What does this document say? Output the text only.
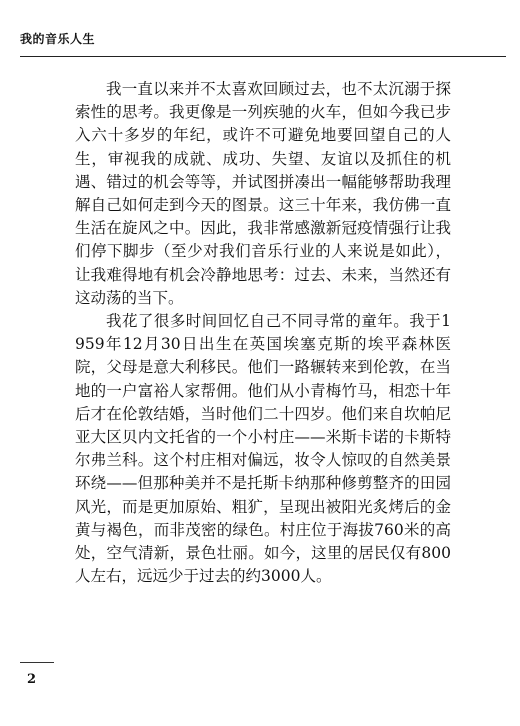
我的音乐人生

我一直以来并不太喜欢回顾过去，也不太沉溺于探索性的思考。我更像是一列疾驰的火车，但如今我已步入六十多岁的年纪，或许不可避免地要回望自己的人生，审视我的成就、成功、失望、友谊以及抓住的机遇、错过的机会等等，并试图拼凑出一幅能够帮助我理解自己如何走到今天的图景。这三十年来，我仿佛一直生活在旋风之中。因此，我非常感激新冠疫情强行让我们停下脚步（至少对我们音乐行业的人来说是如此），让我难得地有机会冷静地思考：过去、未来，当然还有这动荡的当下。

我花了很多时间回忆自己不同寻常的童年。我于1959年12月30日出生在英国埃塞克斯的埃平森林医院，父母是意大利移民。他们一路辗转来到伦敦，在当地的一户富裕人家帮佣。他们从小青梅竹马，相恋十年后才在伦敦结婚，当时他们二十四岁。他们来自坎帕尼亚大区贝内文托省的一个小村庄——米斯卡诺的卡斯特尔弗兰科。这个村庄相对偏远，妆令人惊叹的自然美景环绕——但那种美并不是托斯卡纳那种修剪整齐的田园风光，而是更加原始、粗犷，呈现出被阳光炙烤后的金黄与褐色，而非茂密的绿色。村庄位于海拔760米的高处，空气清新，景色壮丽。如今，这里的居民仅有800人左右，远远少于过去的约3000人。

2
